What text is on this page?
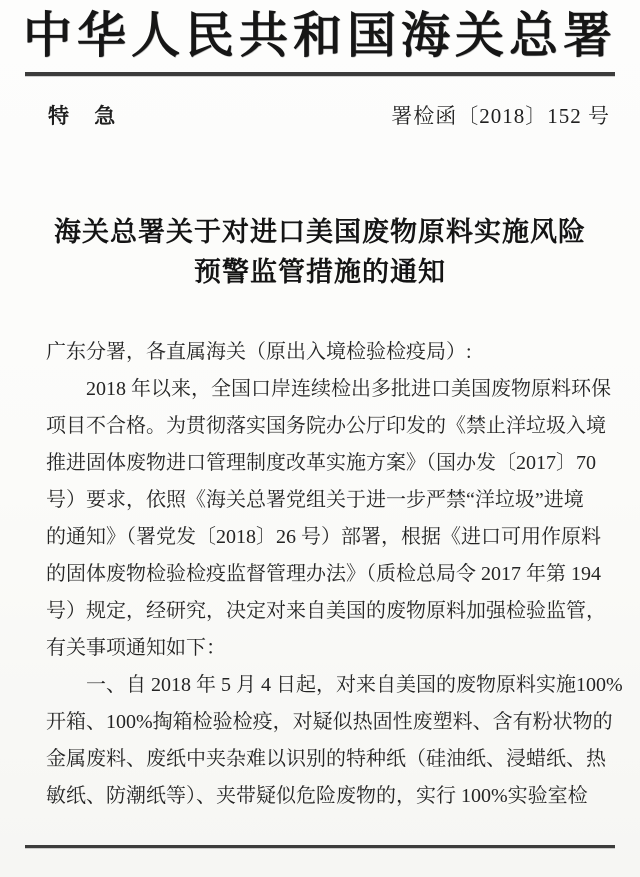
中华人民共和国海关总署
特 急	署检函〔2018〕152 号
海关总署关于对进口美国废物原料实施风险
预警监管措施的通知
广东分署，各直属海关（原出入境检验检疫局）:
2018 年以来，全国口岸连续检出多批进口美国废物原料环保
项目不合格。为贯彻落实国务院办公厅印发的《禁止洋垃圾入境
推进固体废物进口管理制度改革实施方案》（国办发〔2017〕70
号）要求，依照《海关总署党组关于进一步严禁“洋垃圾”进境
的通知》（署党发〔2018〕26 号）部署，根据《进口可用作原料
的固体废物检验检疫监督管理办法》（质检总局令 2017 年第 194
号）规定，经研究，决定对来自美国的废物原料加强检验监管，
有关事项通知如下：
一、自 2018 年 5 月 4 日起，对来自美国的废物原料实施100%
开箱、100%掏箱检验检疫，对疑似热固性废塑料、含有粉状物的
金属废料、废纸中夹杂难以识别的特种纸（硅油纸、浸蜡纸、热
敏纸、防潮纸等）、夹带疑似危险废物的，实行 100%实验室检
